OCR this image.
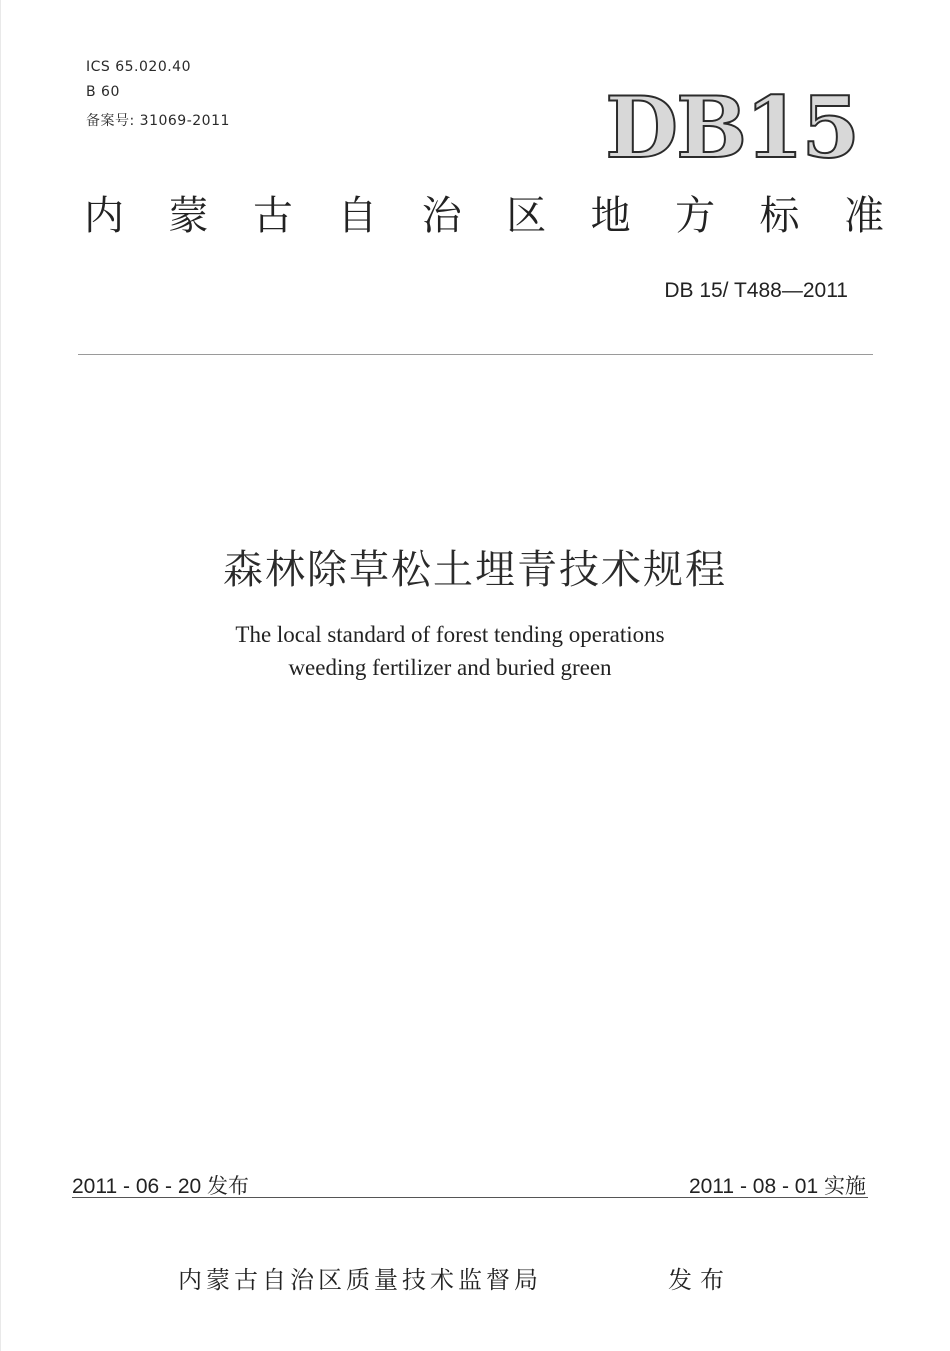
ICS 65.020.40
B 60
备案号: 31069-2011	DB15
内 蒙 古 自 治 区 地 方 标 准
DB 15/ T488—2011
森林除草松土埋青技术规程
The local standard of forest tending operations
weeding fertilizer and buried green
2011 - 06 - 20 发布	2011 - 08 - 01 实施
内蒙古自治区质量技术监督局	发布
